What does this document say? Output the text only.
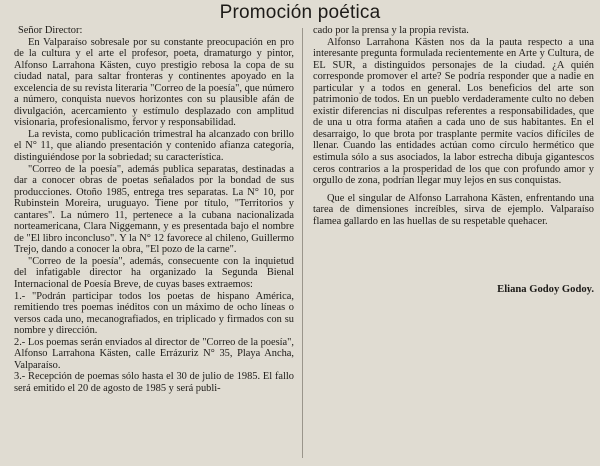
Promoción poética

Señor Director:

En Valparaíso sobresale por su constante preocupación en pro de la cultura y el arte el profesor, poeta, dramaturgo y pintor, Alfonso Larrahona Kästen, cuyo prestigio rebosa la copa de su ciudad natal, para saltar fronteras y continentes apoyado en la excelencia de su revista literaria "Correo de la poesía", que número a número, conquista nuevos horizontes con su plausible afán de divulgación, acercamiento y estímulo desplazado con amplitud visionaria, profesionalismo, fervor y responsabilidad.

La revista, como publicación trimestral ha alcanzado con brillo el N° 11, que aliando presentación y contenido afianza categoría, distinguiéndose por la sobriedad; su característica.

"Correo de la poesía", además publica separatas, destinadas a dar a conocer obras de poetas señalados por la bondad de sus producciones. Otoño 1985, entrega tres separatas. La N° 10, por Rubinstein Moreira, uruguayo. Tiene por título, "Territorios y cantares". La número 11, pertenece a la cubana nacionalizada norteamericana, Clara Niggemann, y es presentada bajo el nombre de "El libro inconcluso". Y la N° 12 favorece al chileno, Guillermo Trejo, dando a conocer la obra, "El pozo de la carne".

"Correo de la poesía", además, consecuente con la inquietud del infatigable director ha organizado la Segunda Bienal Internacional de Poesía Breve, de cuyas bases extraemos:

1.- "Podrán participar todos los poetas de hispano América, remitiendo tres poemas inéditos con un máximo de ocho líneas o versos cada uno, mecanografiados, en triplicado y firmados con su nombre y dirección.

2.- Los poemas serán enviados al director de "Correo de la poesía", Alfonso Larrahona Kästen, calle Errázuriz N° 35, Playa Ancha, Valparaíso.

3.- Recepción de poemas sólo hasta el 30 de julio de 1985. El fallo será emitido el 20 de agosto de 1985 y será publi-

cado por la prensa y la propia revista.

Alfonso Larrahona Kästen nos da la pauta respecto a una interesante pregunta formulada recientemente en Arte y Cultura, de EL SUR, a distinguidos personajes de la ciudad. ¿A quién corresponde promover el arte? Se podría responder que a nadie en particular y a todos en general. Los beneficios del arte son patrimonio de todos. En un pueblo verdaderamente culto no deben existir diferencias ni disculpas referentes a responsabilidades, que de una u otra forma atañen a cada uno de sus habitantes. En el desarraigo, lo que brota por trasplante permite vacíos difíciles de llenar. Cuando las entidades actúan como círculo hermético que estimula sólo a sus asociados, la labor estrecha dibuja gigantescos ceros contrarios a la prosperidad de los que con profundo amor y orgullo de zona, podrían llegar muy lejos en sus conquistas.

Que el singular de Alfonso Larrahona Kästen, enfrentando una tarea de dimensiones increíbles, sirva de ejemplo. Valparaíso flamea gallardo en las huellas de su respetable quehacer.

Eliana Godoy Godoy.
